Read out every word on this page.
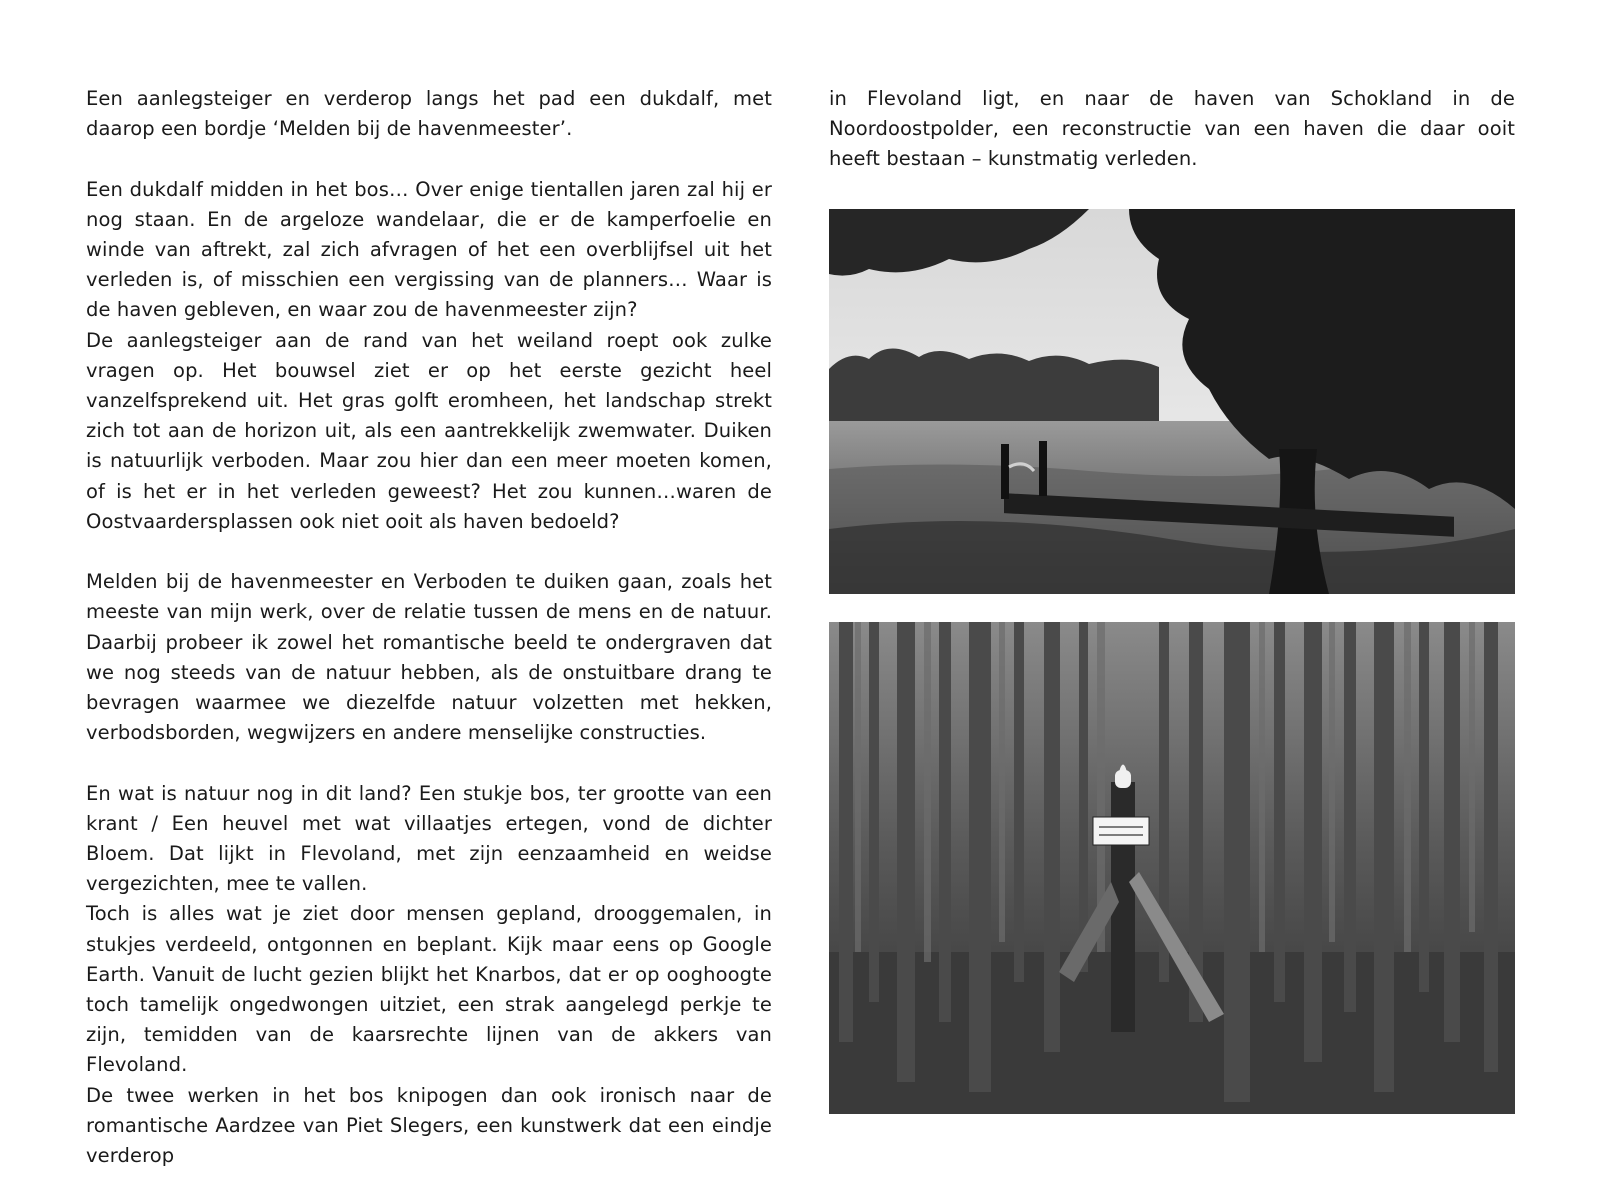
Een aanlegsteiger en verderop langs het pad een dukdalf, met daarop een bordje ‘Melden bij de havenmeester’.

Een dukdalf midden in het bos… Over enige tientallen jaren zal hij er nog staan. En de argeloze wandelaar, die er de kamperfoelie en winde van aftrekt, zal zich afvragen of het een overblijfsel uit het verleden is, of misschien een vergissing van de planners… Waar is de haven gebleven, en waar zou de havenmeester zijn?

De aanlegsteiger aan de rand van het weiland roept ook zulke vragen op. Het bouwsel ziet er op het eerste gezicht heel vanzelfsprekend uit. Het gras golft eromheen, het landschap strekt zich tot aan de horizon uit, als een aantrekkelijk zwemwater. Duiken is natuurlijk verboden. Maar zou hier dan een meer moeten komen, of is het er in het verleden geweest? Het zou kunnen…waren de Oostvaardersplassen ook niet ooit als haven bedoeld?

Melden bij de havenmeester en Verboden te duiken gaan, zoals het meeste van mijn werk, over de relatie tussen de mens en de natuur. Daarbij probeer ik zowel het romantische beeld te ondergraven dat we nog steeds van de natuur hebben, als de onstuitbare drang te bevragen waarmee we diezelfde natuur volzetten met hekken, verbodsborden, wegwijzers en andere menselijke constructies.

En wat is natuur nog in dit land? Een stukje bos, ter grootte van een krant / Een heuvel met wat villaatjes ertegen, vond de dichter Bloem. Dat lijkt in Flevoland, met zijn eenzaamheid en weidse vergezichten, mee te vallen.

Toch is alles wat je ziet door mensen gepland, drooggemalen, in stukjes verdeeld, ontgonnen en beplant. Kijk maar eens op Google Earth. Vanuit de lucht gezien blijkt het Knarbos, dat er op ooghoogte toch tamelijk ongedwongen uitziet, een strak aangelegd perkje te zijn, temidden van de kaarsrechte lijnen van de akkers van Flevoland.

De twee werken in het bos knipogen dan ook ironisch naar de romantische Aardzee van Piet Slegers, een kunstwerk dat een eindje verderop

in Flevoland ligt, en naar de haven van Schokland in de Noordoostpolder, een reconstructie van een haven die daar ooit heeft bestaan – kunstmatig verleden.
